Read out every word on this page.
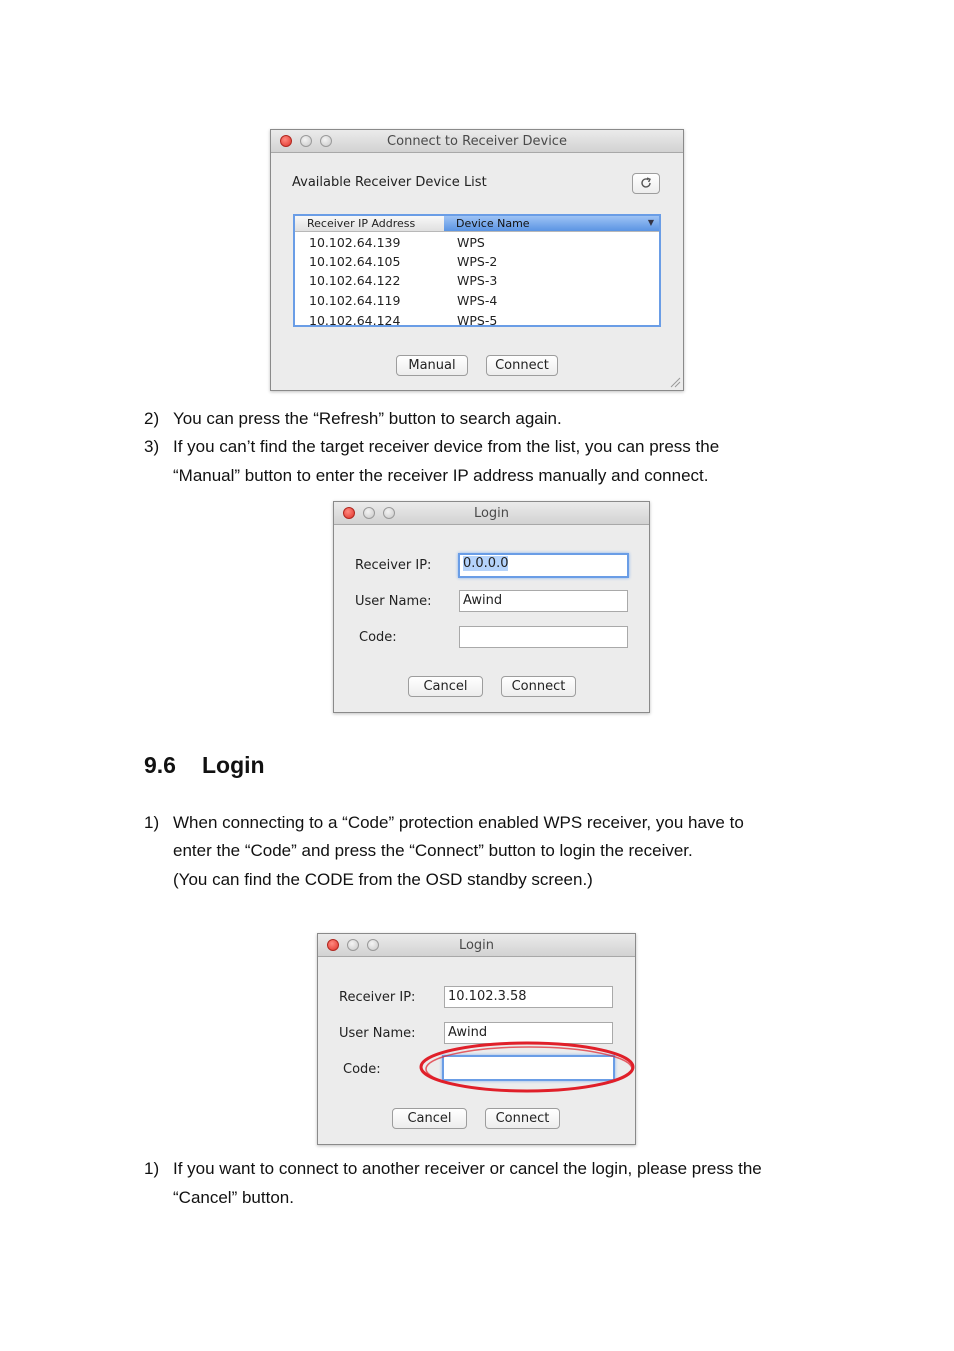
Connect to Receiver Device
Available Receiver Device List
Receiver IP Address	Device Name	▼
10.102.64.139	WPS
10.102.64.105	WPS-2
10.102.64.122	WPS-3
10.102.64.119	WPS-4
10.102.64.124	WPS-5
Manual	Connect
2) You can press the “Refresh” button to search again.
3) If you can’t find the target receiver device from the list, you can press the
“Manual” button to enter the receiver IP address manually and connect.
Login
Receiver IP:	0.0.0.0
User Name:	Awind
Code:
Cancel	Connect
9.6 Login
1) When connecting to a “Code” protection enabled WPS receiver, you have to
enter the “Code” and press the “Connect” button to login the receiver.
(You can find the CODE from the OSD standby screen.)
Login
Receiver IP:	10.102.3.58
User Name:	Awind
Code:
Cancel	Connect
1) If you want to connect to another receiver or cancel the login, please press the
“Cancel” button.
